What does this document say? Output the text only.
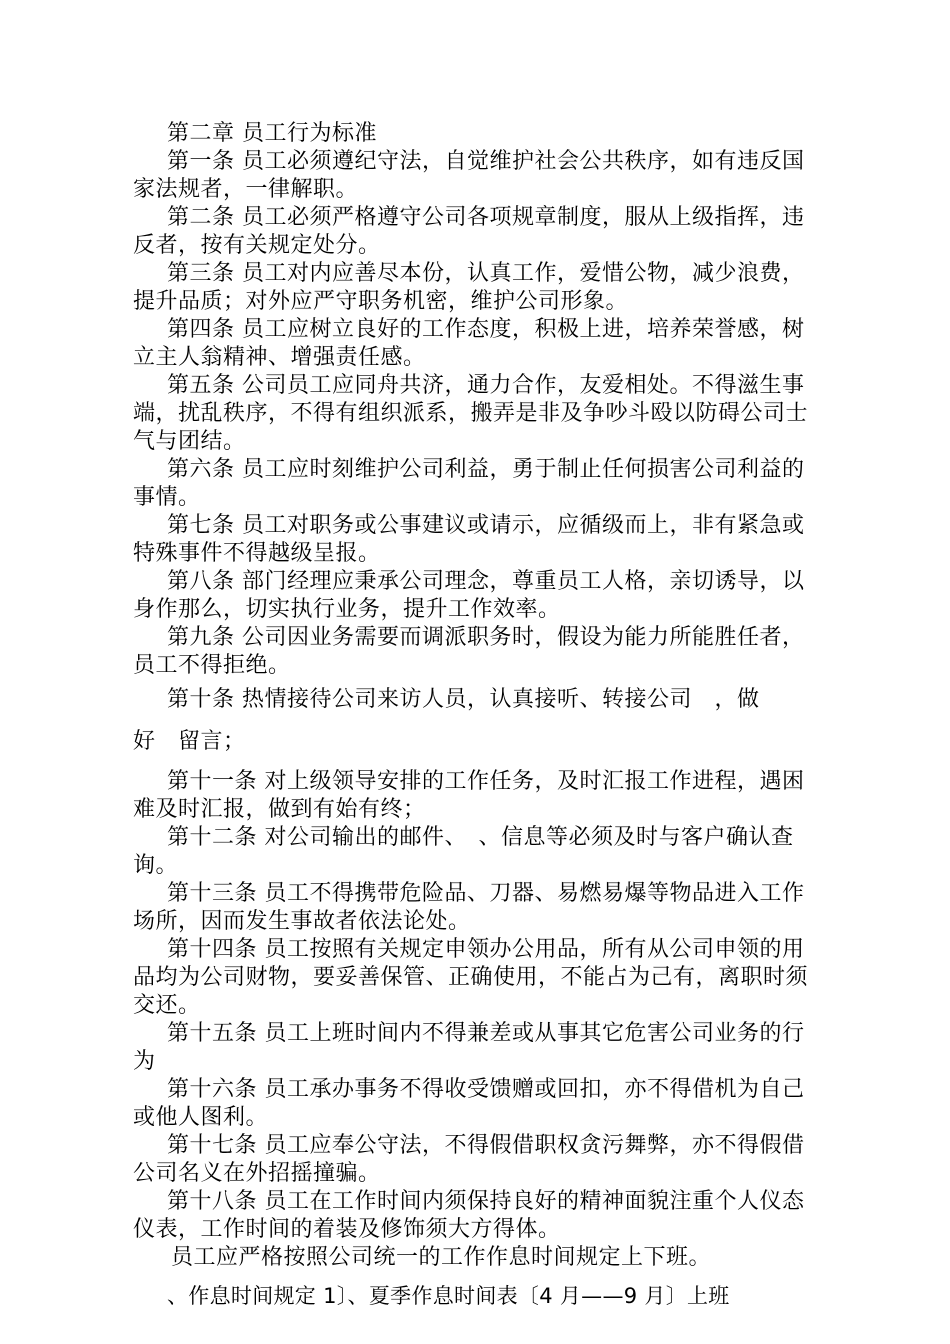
第二章 员工行为标准

第一条 员工必须遵纪守法，自觉维护社会公共秩序，如有违反国家法规者，一律解职。

第二条 员工必须严格遵守公司各项规章制度，服从上级指挥，违反者，按有关规定处分。

第三条 员工对内应善尽本份，认真工作，爱惜公物，减少浪费，提升品质；对外应严守职务机密，维护公司形象。

第四条 员工应树立良好的工作态度，积极上进，培养荣誉感，树立主人翁精神、增强责任感。

第五条 公司员工应同舟共济，通力合作，友爱相处。不得滋生事端，扰乱秩序，不得有组织派系，搬弄是非及争吵斗殴以防碍公司士气与团结。

第六条 员工应时刻维护公司利益，勇于制止任何损害公司利益的事情。

第七条 员工对职务或公事建议或请示，应循级而上，非有紧急或特殊事件不得越级呈报。

第八条 部门经理应秉承公司理念，尊重员工人格，亲切诱导，以身作那么，切实执行业务，提升工作效率。

第九条 公司因业务需要而调派职务时，假设为能力所能胜任者，员工不得拒绝。

第十条 热情接待公司来访人员，认真接听、转接公司　，做
好　留言；

第十一条 对上级领导安排的工作任务，及时汇报工作进程，遇困难及时汇报，做到有始有终；

第十二条 对公司输出的邮件、　、信息等必须及时与客户确认查询。

第十三条 员工不得携带危险品、刀器、易燃易爆等物品进入工作场所，因而发生事故者依法论处。

第十四条 员工按照有关规定申领办公用品，所有从公司申领的用品均为公司财物，要妥善保管、正确使用，不能占为己有，离职时须交还。

第十五条 员工上班时间内不得兼差或从事其它危害公司业务的行为

第十六条 员工承办事务不得收受馈赠或回扣，亦不得借机为自己或他人图利。

第十七条 员工应奉公守法，不得假借职权贪污舞弊，亦不得假借公司名义在外招摇撞骗。

第十八条 员工在工作时间内须保持良好的精神面貌注重个人仪态仪表，工作时间的着装及修饰须大方得体。

员工应严格按照公司统一的工作作息时间规定上下班。

、作息时间规定 1〕、夏季作息时间表〔4 月——9 月〕上班
